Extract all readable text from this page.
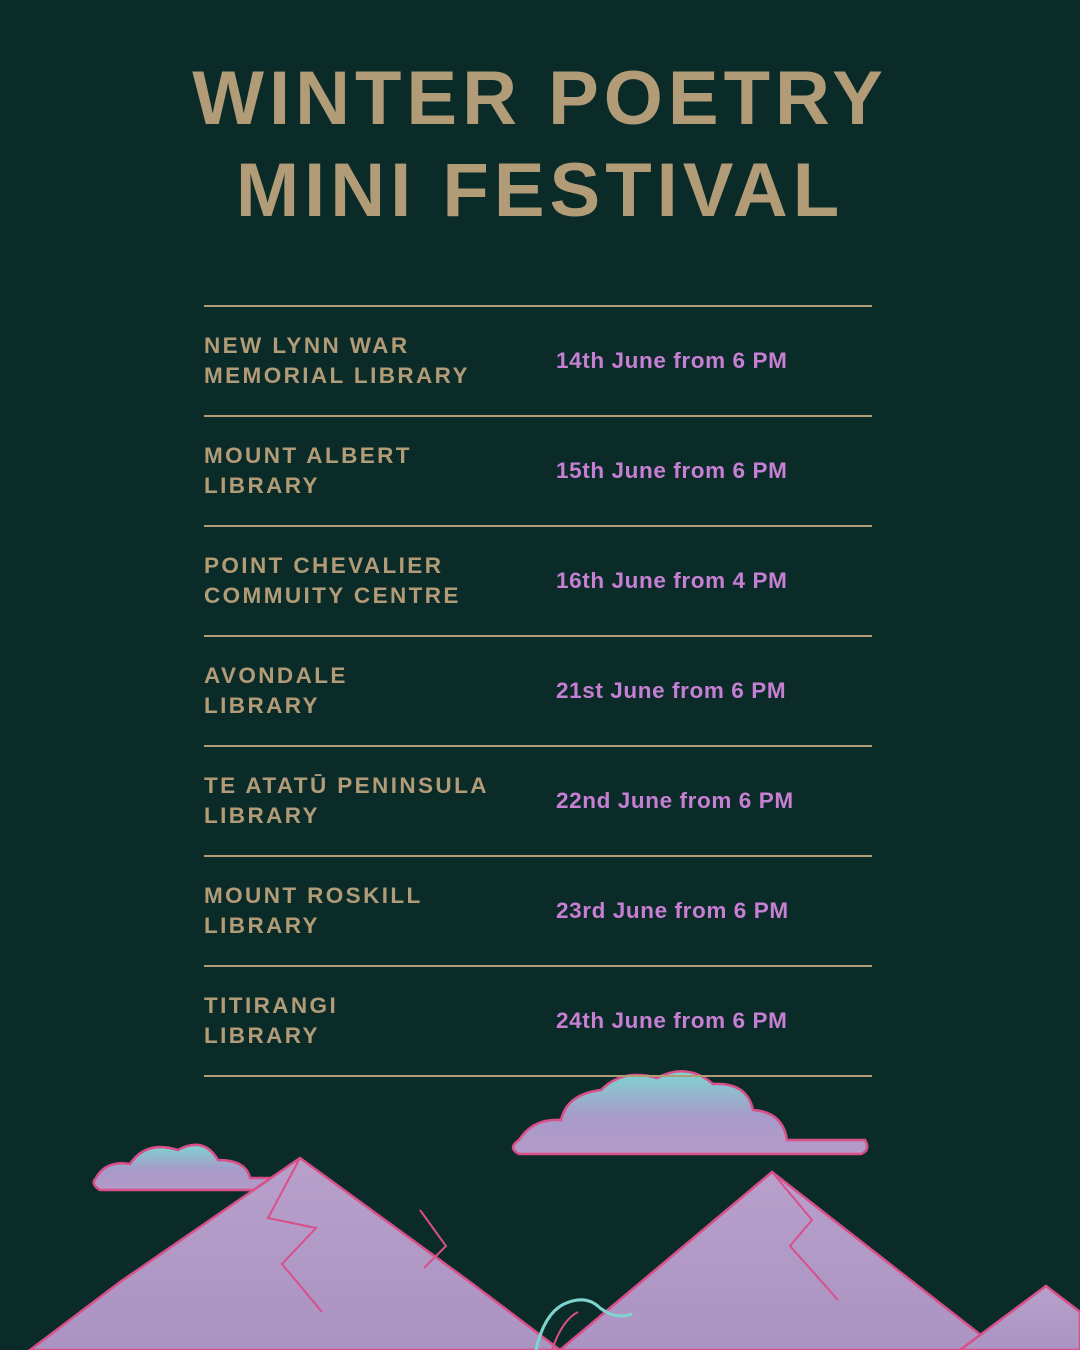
WINTER POETRY
MINI FESTIVAL
NEW LYNN WAR
MEMORIAL LIBRARY
14th June from 6 PM
MOUNT ALBERT
LIBRARY
15th June from 6 PM
POINT CHEVALIER
COMMUITY CENTRE
16th June from 4 PM
AVONDALE
LIBRARY
21st June from 6 PM
TE ATATŪ PENINSULA
LIBRARY
22nd June from 6 PM
MOUNT ROSKILL
LIBRARY
23rd June from 6 PM
TITIRANGI
LIBRARY
24th June from 6 PM
